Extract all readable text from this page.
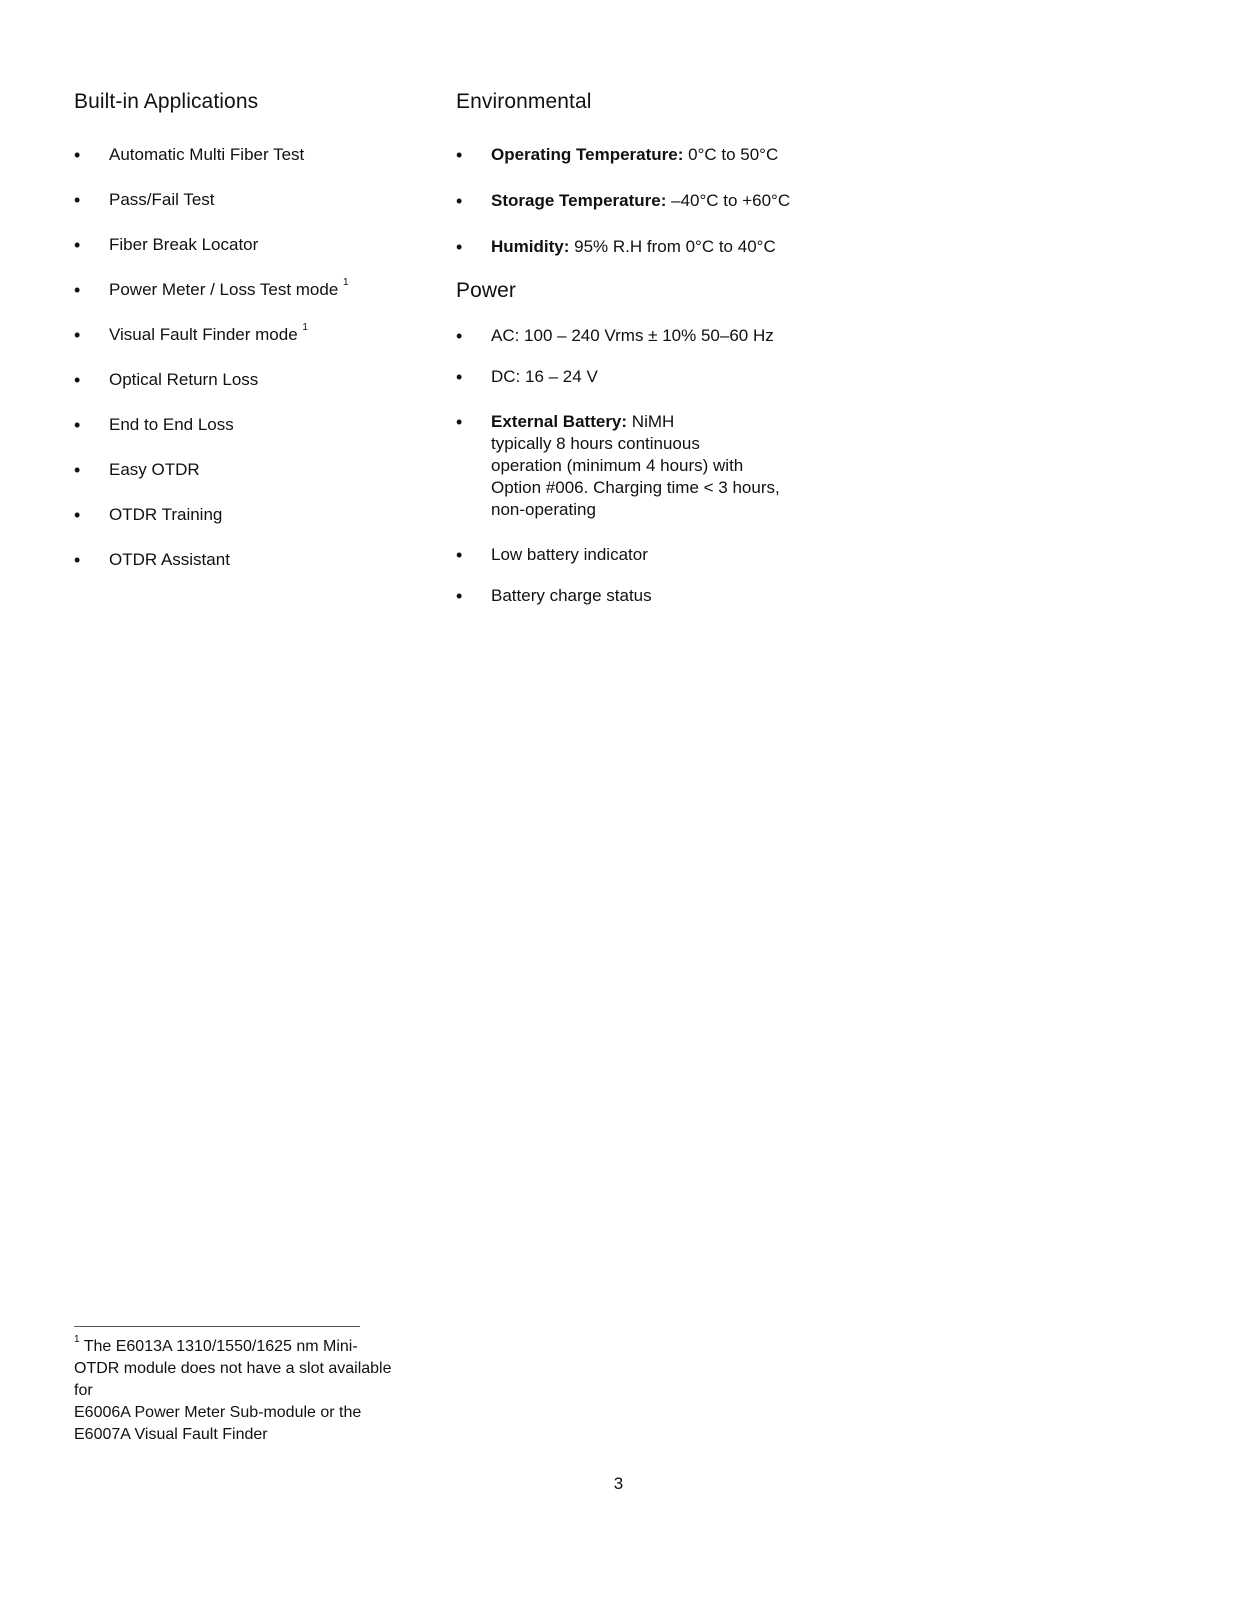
Built-in Applications
• Automatic Multi Fiber Test
• Pass/Fail Test
• Fiber Break Locator
• Power Meter / Loss Test mode $^1$
• Visual Fault Finder mode $^1$
• Optical Return Loss
• End to End Loss
• Easy OTDR
• OTDR Training
• OTDR Assistant
Environmental
• Operating Temperature: 0°C to 50°C
• Storage Temperature: –40°C to +60°C
• Humidity: 95% R.H from 0°C to 40°C
Power
• AC: 100 – 240 Vrms ± 10% 50–60 Hz
• DC: 16 – 24 V
• External Battery: NiMH
typically 8 hours continuous
operation (minimum 4 hours) with
Option #006. Charging time < 3 hours,
non-operating
• Low battery indicator
• Battery charge status
$^1$ The E6013A 1310/1550/1625 nm Mini-
OTDR module does not have a slot available for
E6006A Power Meter Sub-module or the
E6007A Visual Fault Finder
3
